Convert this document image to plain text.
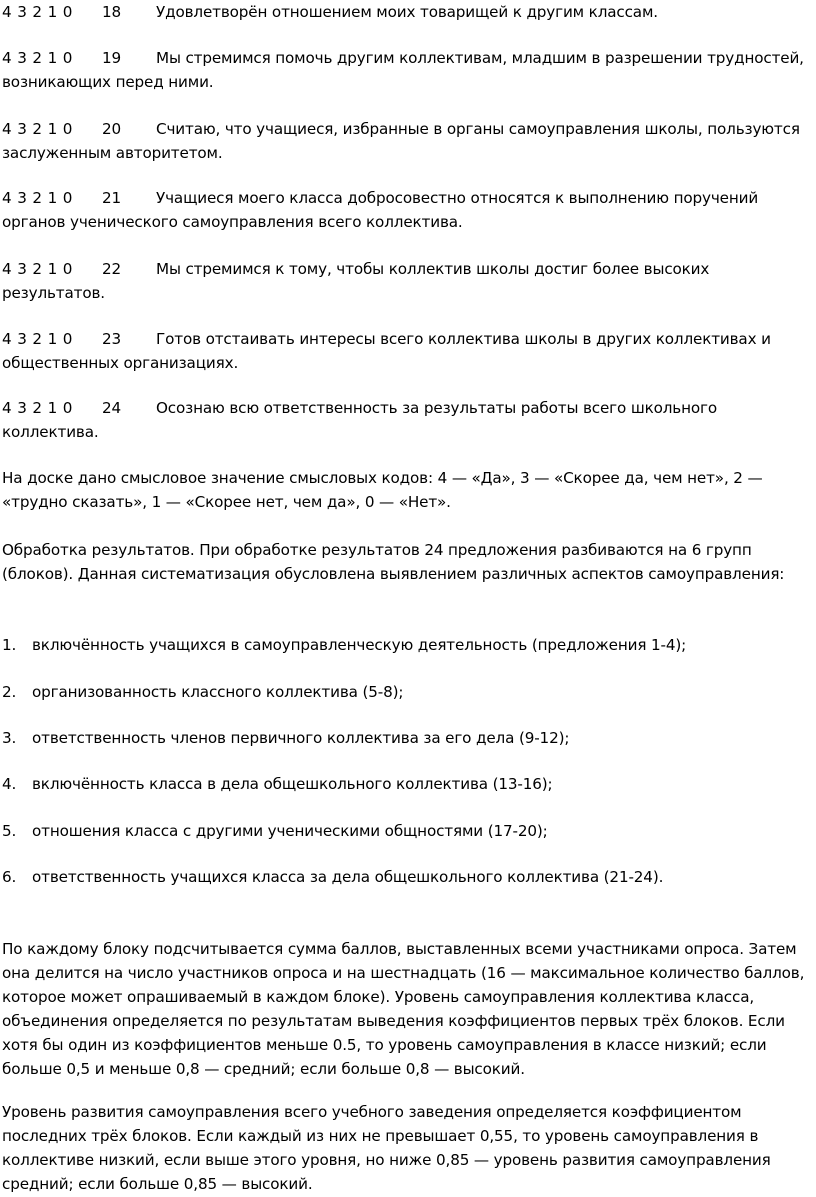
4 3 2 1 0 18 Удовлетворён отношением моих товарищей к другим классам.
4 3 2 1 0 19 Мы стремимся помочь другим коллективам, младшим в разрешении трудностей, возникающих перед ними.
4 3 2 1 0 20 Считаю, что учащиеся, избранные в органы самоуправления школы, пользуются заслуженным авторитетом.
4 3 2 1 0 21 Учащиеся моего класса добросовестно относятся к выполнению поручений органов ученического самоуправления всего коллектива.
4 3 2 1 0 22 Мы стремимся к тому, чтобы коллектив школы достиг более высоких результатов.
4 3 2 1 0 23 Готов отстаивать интересы всего коллектива школы в других коллективах и общественных организациях.
4 3 2 1 0 24 Осознаю всю ответственность за результаты работы всего школьного коллектива.
На доске дано смысловое значение смысловых кодов: 4 — «Да», 3 — «Скорее да, чем нет», 2 — «трудно сказать», 1 — «Скорее нет, чем да», 0 — «Нет».
Обработка результатов. При обработке результатов 24 предложения разбиваются на 6 групп (блоков). Данная систематизация обусловлена выявлением различных аспектов самоуправления:
1. включённость учащихся в самоуправленческую деятельность (предложения 1-4);
2. организованность классного коллектива (5-8);
3. ответственность членов первичного коллектива за его дела (9-12);
4. включённость класса в дела общешкольного коллектива (13-16);
5. отношения класса с другими ученическими общностями (17-20);
6. ответственность учащихся класса за дела общешкольного коллектива (21-24).
По каждому блоку подсчитывается сумма баллов, выставленных всеми участниками опроса. Затем она делится на число участников опроса и на шестнадцать (16 — максимальное количество баллов, которое может опрашиваемый в каждом блоке). Уровень самоуправления коллектива класса, объединения определяется по результатам выведения коэффициентов первых трёх блоков. Если хотя бы один из коэффициентов меньше 0.5, то уровень самоуправления в классе низкий; если больше 0,5 и меньше 0,8 — средний; если больше 0,8 — высокий.
Уровень развития самоуправления всего учебного заведения определяется коэффициентом последних трёх блоков. Если каждый из них не превышает 0,55, то уровень самоуправления в коллективе низкий, если выше этого уровня, но ниже 0,85 — уровень развития самоуправления средний; если больше 0,85 — высокий.
